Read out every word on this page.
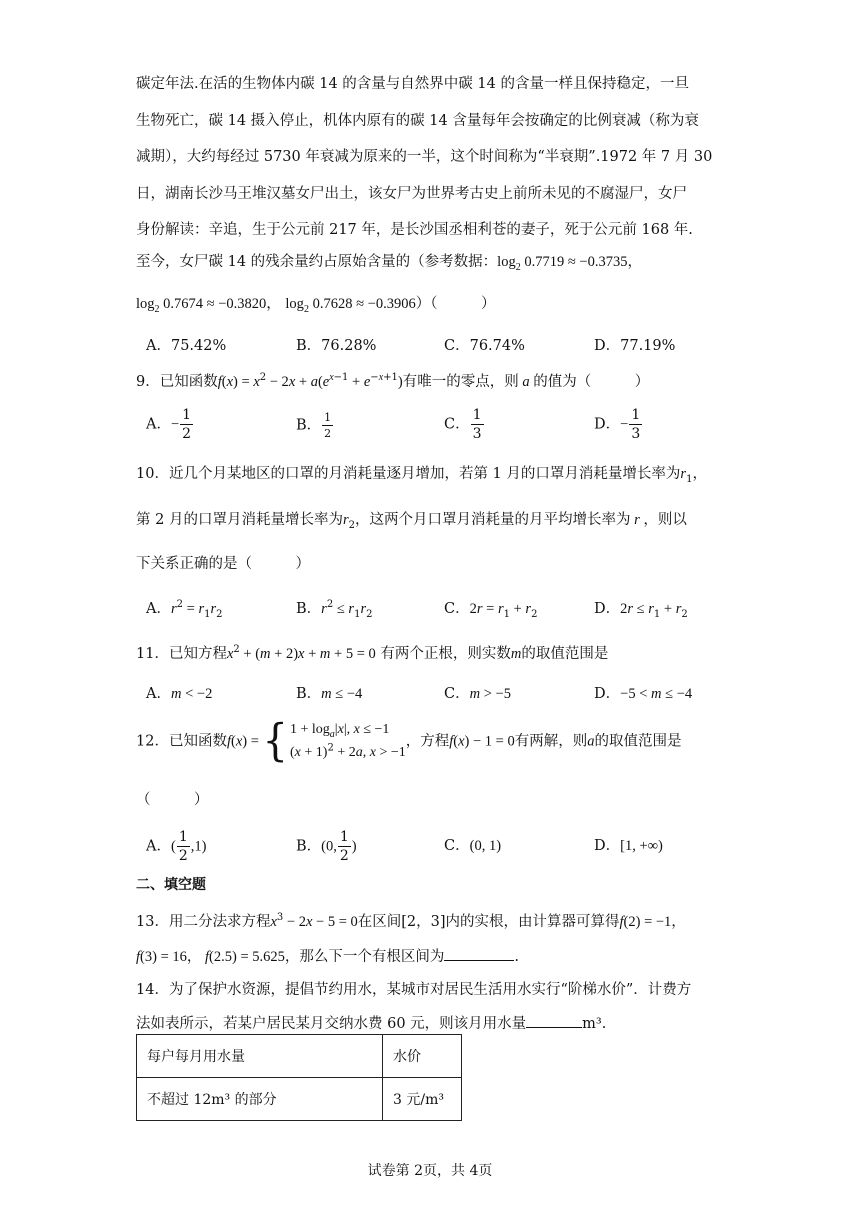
碳定年法.在活的生物体内碳 14 的含量与自然界中碳 14 的含量一样且保持稳定，一旦
生物死亡，碳 14 摄入停止，机体内原有的碳 14 含量每年会按确定的比例衰减（称为衰
减期），大约每经过 5730 年衰减为原来的一半，这个时间称为“半衰期”.1972 年 7 月 30
日，湖南长沙马王堆汉墓女尸出土，该女尸为世界考古史上前所未见的不腐湿尸，女尸
身份解读：辛追，生于公元前 217 年，是长沙国丞相利苍的妻子，死于公元前 168 年.
至今，女尸碳 14 的残余量约占原始含量的（参考数据：$\log_2 0.7719 \approx -0.3735$，
$\log_2 0.7674 \approx -0.3820$， $\log_2 0.7628 \approx -0.3906$）（　　　）
A．75.42%	B．76.28%	C．76.74%	D．77.19%
9．已知函数$f(x) = x^2 - 2x + a(e^{x-1} + e^{-x+1})$有唯一的零点，则 a 的值为（　　　）
A．− $\frac{1}{2}$	B． $\frac{1}{2}$	C． $\frac{1}{3}$	D．− $\frac{1}{3}$
10．近几个月某地区的口罩的月消耗量逐月增加，若第 1 月的口罩月消耗量增长率为$r_1$，
第 2 月的口罩月消耗量增长率为$r_2$，这两个月口罩月消耗量的月平均增长率为 r ，则以
下关系正确的是（　　　）
A．$r^2 = r_1r_2$	B．$r^2 \le r_1r_2$	C．$2r = r_1 + r_2$	D．$2r \le r_1 + r_2$
11．已知方程$x^2 + (m + 2)x + m + 5 = 0$ 有两个正根，则实数m的取值范围是
A．m < −2	B．m ≤ −4	C．m > −5	D．−5 < m ≤ −4
12．已知函数f(x) = { $1 + \log_a|x|$, x ≤ −1
$(x + 1)^2 + 2a$, x > −1
，方程f(x) − 1 = 0有两解，则a的取值范围是
（　　　）
A．( $\frac{1}{2} ,1$)	B．(0, $\frac{1}{2}$ )	C．(0, 1)	D．[1, +∞)
二、填空题
13．用二分法求方程$x^3 - 2x - 5 = 0$在区间[2，3]内的实根，由计算器可算得f(2) = −1，
f(3) = 16， f(2.5) = 5.625，那么下一个有根区间为	.
14．为了保护水资源，提倡节约用水，某城市对居民生活用水实行“阶梯水价”．计费方
法如表所示，若某户居民某月交纳水费 60 元，则该月用水量	m³.
每户每月用水量	水价
不超过 12m³ 的部分	3 元/m³
试卷第 2页，共 4页
